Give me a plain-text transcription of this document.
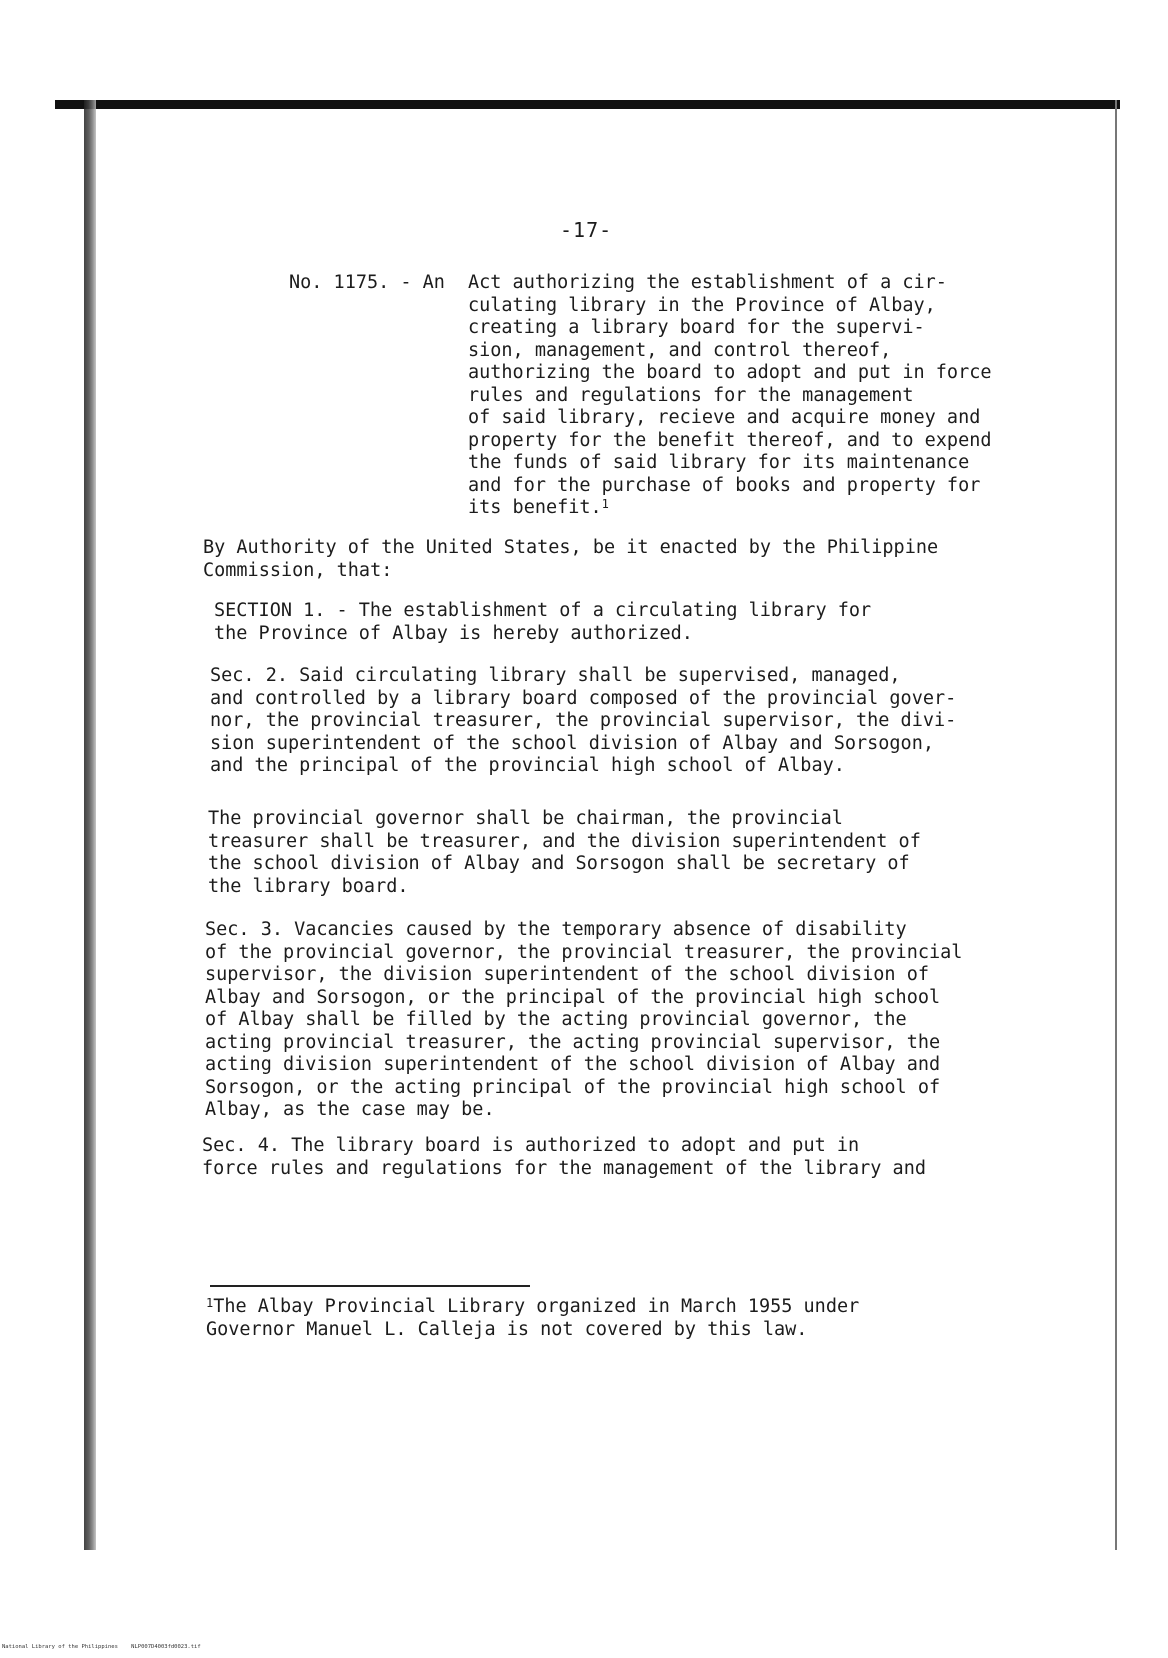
-17-
No. 1175. - An Act authorizing the establishment of a cir-
culating library in the Province of Albay,
creating a library board for the supervi-
sion, management, and control thereof,
authorizing the board to adopt and put in force
rules and regulations for the management
of said library, recieve and acquire money and
property for the benefit thereof, and to expend
the funds of said library for its maintenance
and for the purchase of books and property for
its benefit.$^1$
By Authority of the United States, be it enacted by the Philippine
Commission, that:
SECTION 1. - The establishment of a circulating library for
the Province of Albay is hereby authorized.
Sec. 2. Said circulating library shall be supervised, managed,
and controlled by a library board composed of the provincial gover-
nor, the provincial treasurer, the provincial supervisor, the divi-
sion superintendent of the school division of Albay and Sorsogon,
and the principal of the provincial high school of Albay.
The provincial governor shall be chairman, the provincial
treasurer shall be treasurer, and the division superintendent of
the school division of Albay and Sorsogon shall be secretary of
the library board.
Sec. 3. Vacancies caused by the temporary absence of disability
of the provincial governor, the provincial treasurer, the provincial
supervisor, the division superintendent of the school division of
Albay and Sorsogon, or the principal of the provincial high school
of Albay shall be filled by the acting provincial governor, the
acting provincial treasurer, the acting provincial supervisor, the
acting division superintendent of the school division of Albay and
Sorsogon, or the acting principal of the provincial high school of
Albay, as the case may be.
Sec. 4. The library board is authorized to adopt and put in
force rules and regulations for the management of the library and
$^1$The Albay Provincial Library organized in March 1955 under
Governor Manuel L. Calleja is not covered by this law.
National Library of the Philippines    NLP007D4003fd0023.tif
